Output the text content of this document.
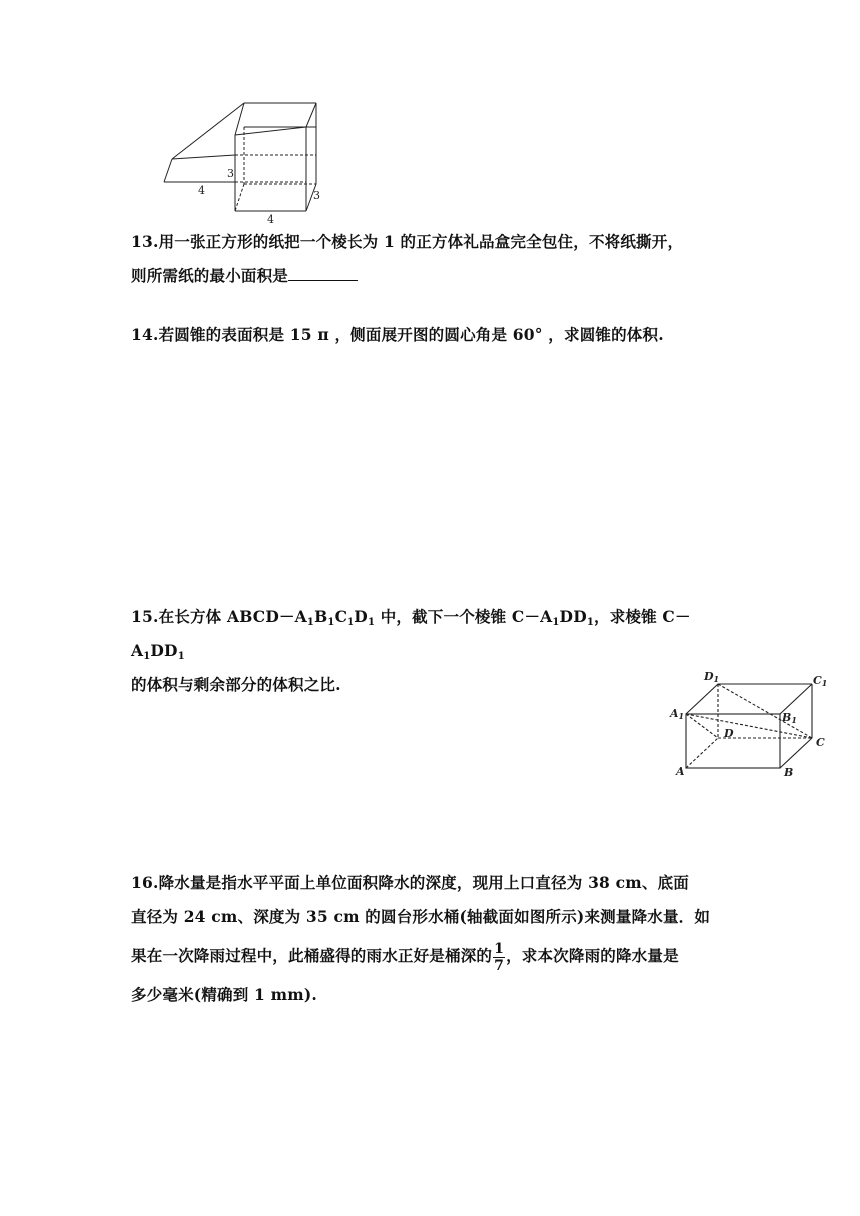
3
3
4
4
13.用一张正方形的纸把一个棱长为 1 的正方体礼品盒完全包住，不将纸撕开，
则所需纸的最小面积是
14.若圆锥的表面积是 15 π ，侧面展开图的圆心角是 60° ，求圆锥的体积.
15.在长方体 $ABCD-A_1B_1C_1D_1$ 中，截下一个棱锥 $C-A_1DD_1$，求棱锥 $C-A_1DD_1$
的体积与剩余部分的体积之比.	D1	C1
A1	B1
D
C
A	B
16.降水量是指水平平面上单位面积降水的深度，现用上口直径为 38 cm、底面
直径为 24 cm、深度为 35 cm 的圆台形水桶(轴截面如图所示)来测量降水量．如
果在一次降雨过程中，此桶盛得的雨水正好是桶深的 $\frac{1}{7}$ ，求本次降雨的降水量是
多少毫米(精确到 1 mm).
